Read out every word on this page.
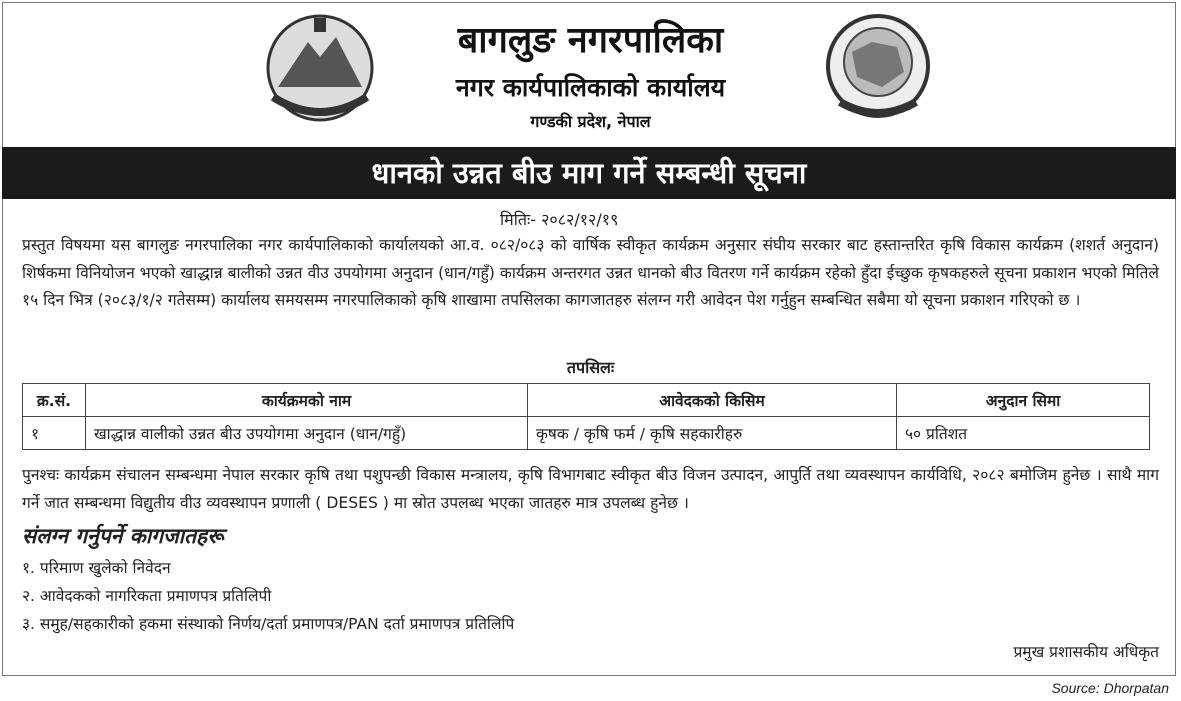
बागलुङ नगरपालिका
नगर कार्यपालिकाको कार्यालय
गण्डकी प्रदेश, नेपाल
धानको उन्नत बीउ माग गर्ने सम्बन्धी सूचना
मितिः- २०८२/१२/१९
प्रस्तुत विषयमा यस बागलुङ नगरपालिका नगर कार्यपालिकाको कार्यालयको आ.व. ०८२/०८३ को वार्षिक स्वीकृत कार्यक्रम अनुसार संघीय सरकार बाट हस्तान्तरित कृषि विकास कार्यक्रम (शशर्त अनुदान) शिर्षकमा विनियोजन भएको खाद्धान्न बालीको उन्नत वीउ उपयोगमा अनुदान (धान/गहुँ) कार्यक्रम अन्तरगत उन्नत धानको बीउ वितरण गर्ने कार्यक्रम रहेको हुँदा ईच्छुक कृषकहरुले सूचना प्रकाशन भएको मितिले १५ दिन भित्र (२०८३/१/२ गतेसम्म) कार्यालय समयसम्म नगरपालिकाको कृषि शाखामा तपसिलका कागजातहरु संलग्न गरी आवेदन पेश गर्नुहुन सम्बन्धित सबैमा यो सूचना प्रकाशन गरिएको छ ।
तपसिलः
क्र.सं.	कार्यक्रमको नाम	आवेदकको किसिम	अनुदान सिमा
१	खाद्धान्न वालीको उन्नत बीउ उपयोगमा अनुदान (धान/गहुँ)	कृषक / कृषि फर्म / कृषि सहकारीहरु	५० प्रतिशत
पुनश्चः कार्यक्रम संचालन सम्बन्धमा नेपाल सरकार कृषि तथा पशुपन्छी विकास मन्त्रालय, कृषि विभागबाट स्वीकृत बीउ विजन उत्पादन, आपुर्ति तथा व्यवस्थापन कार्यविधि, २०८२ बमोजिम हुनेछ । साथै माग गर्ने जात सम्बन्धमा विद्युतीय वीउ व्यवस्थापन प्रणाली ( DESES ) मा स्रोत उपलब्ध भएका जातहरु मात्र उपलब्ध हुनेछ ।
संलग्न गर्नुपर्ने कागजातहरू
१. परिमाण खुलेको निवेदन
२. आवेदकको नागरिकता प्रमाणपत्र प्रतिलिपी
३. समुह/सहकारीको हकमा संस्थाको निर्णय/दर्ता प्रमाणपत्र/PAN दर्ता प्रमाणपत्र प्रतिलिपि
प्रमुख प्रशासकीय अधिकृत
Source: Dhorpatan
